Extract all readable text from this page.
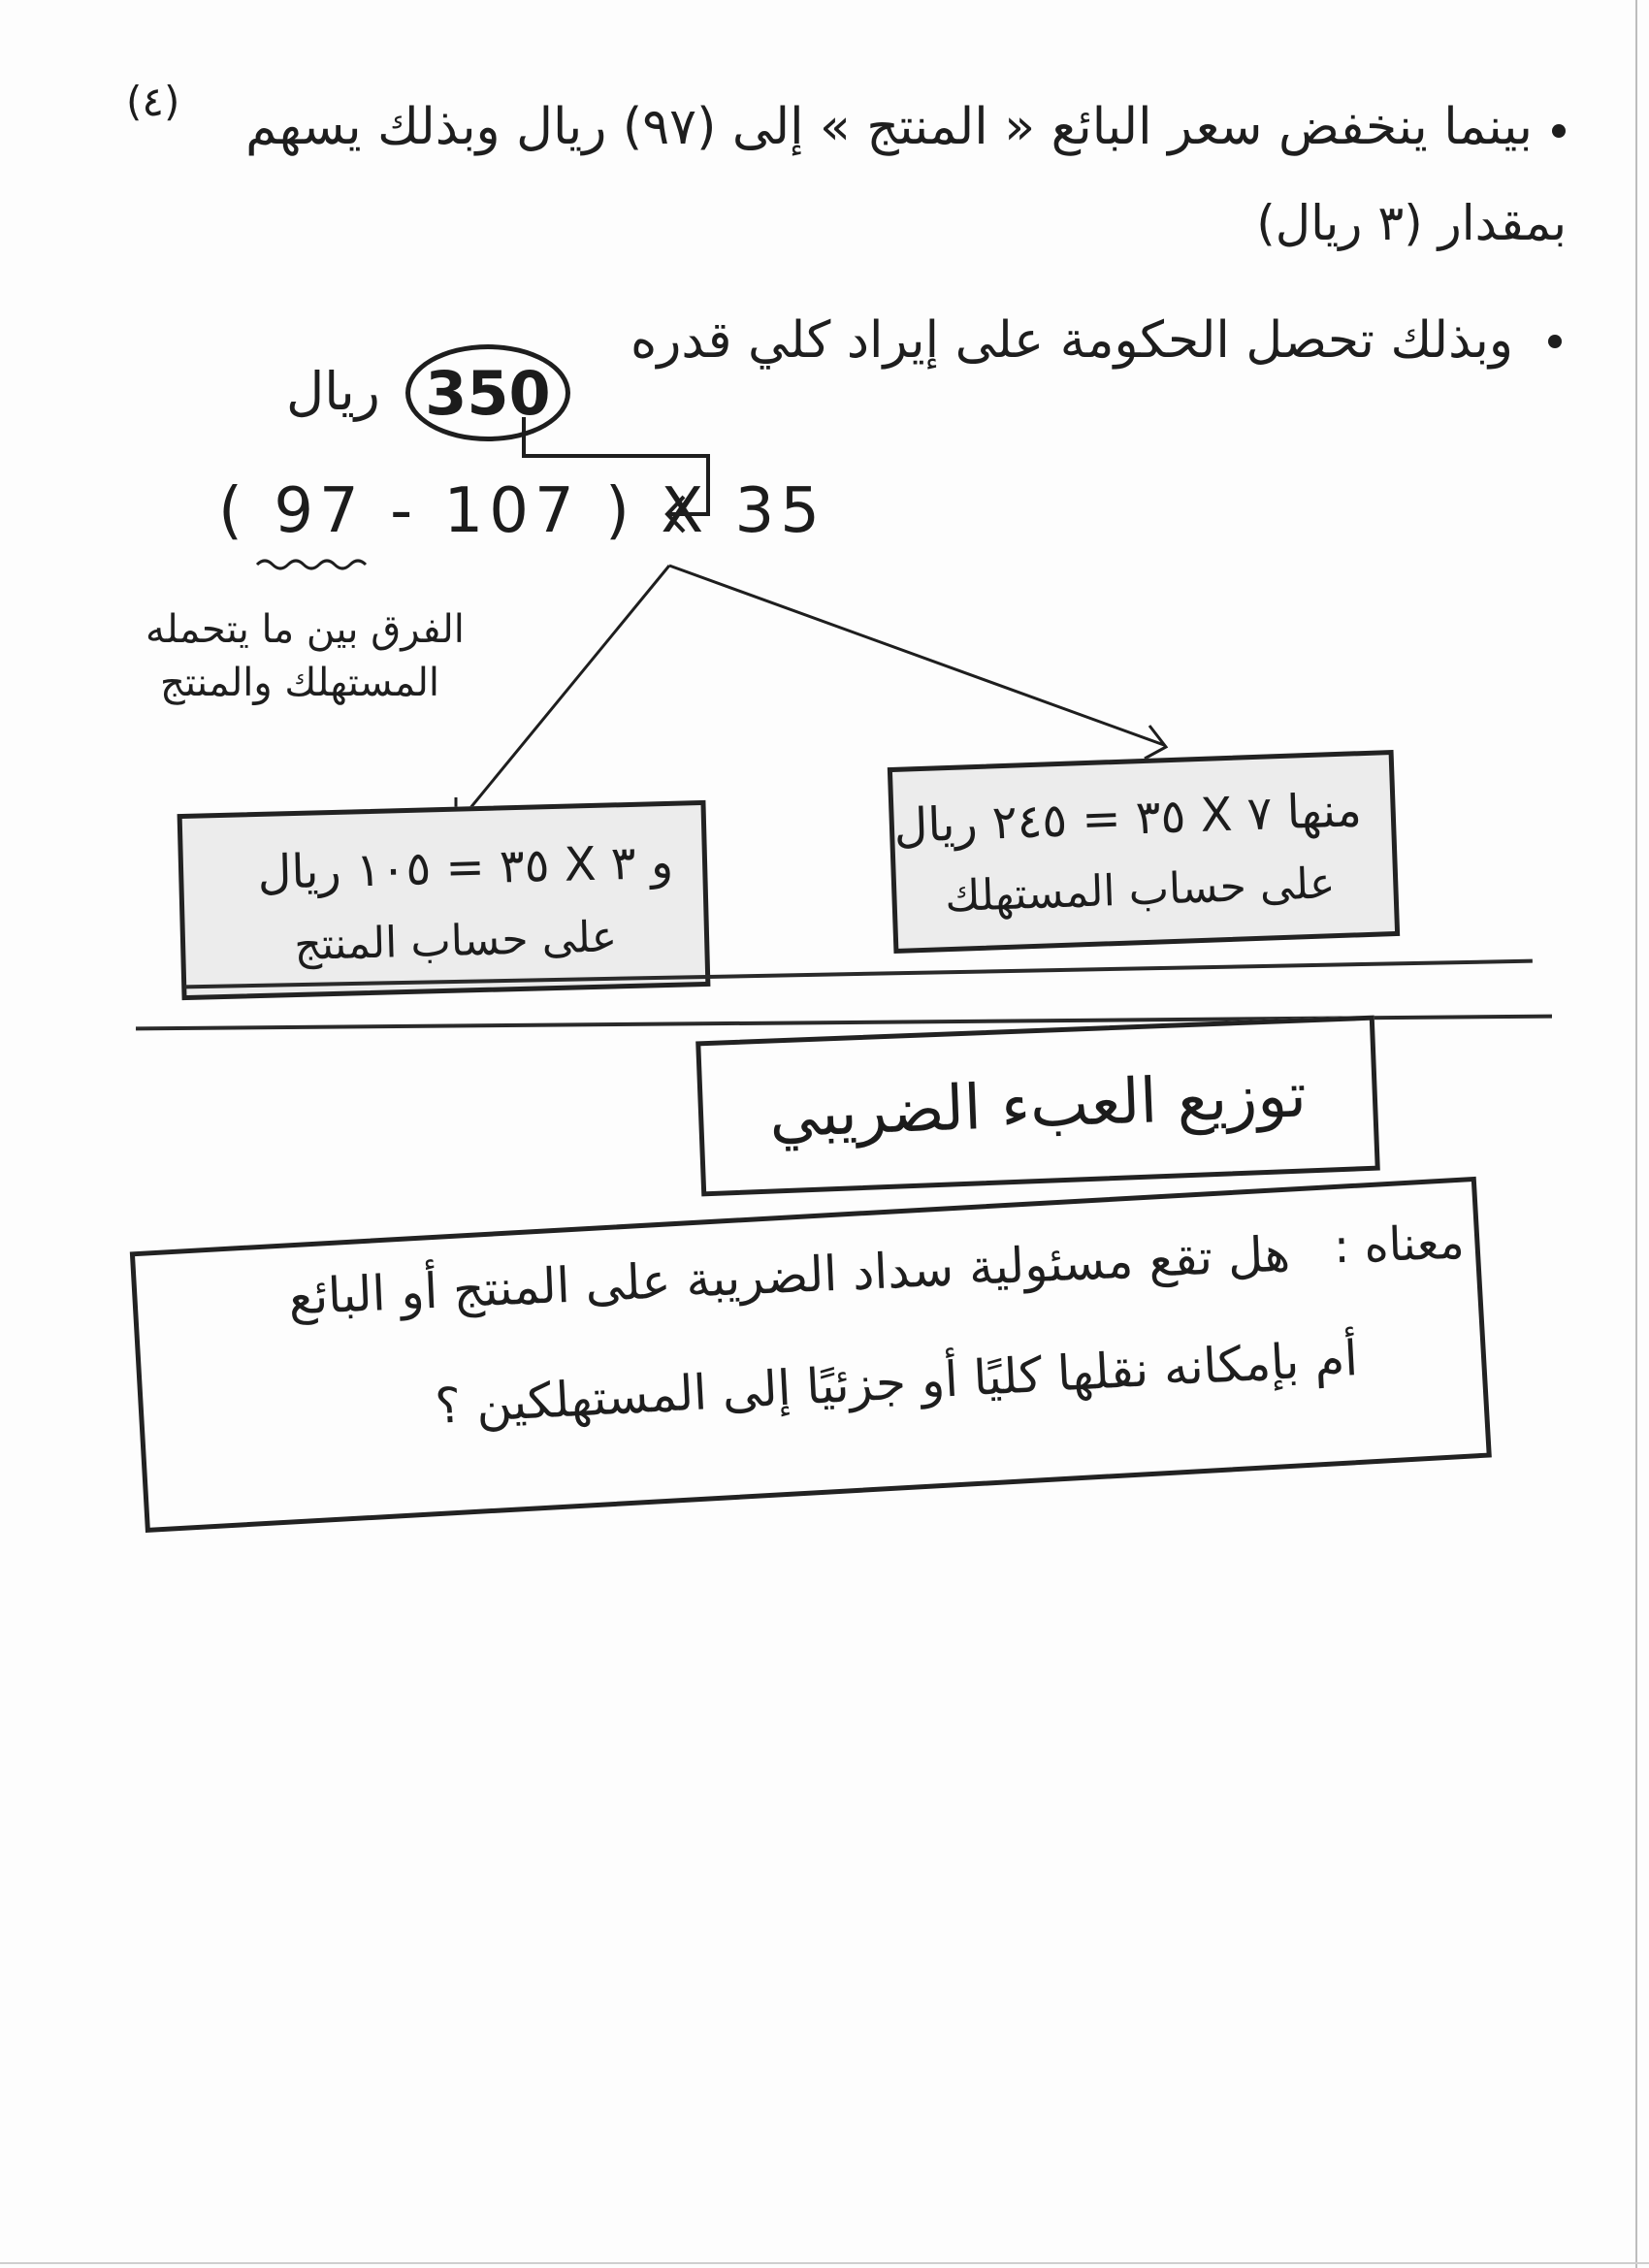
(٤) بينما ينخفض سعر البائع « المنتج » إلى (٩٧) ريال وبذلك يسهم
بمقدار (٣ ريال)
وبذلك تحصل الحكومة على إيراد كلي قدره
350
ريال
( 97 - 107 ) X 35
الفرق بين ما يتحمله
المستهلك والمنتج
منها ٧ X ٣٥ = ٢٤٥ ريال
على حساب المستهلك
و ٣ X ٣٥ = ١٠٥ ريال
على حساب المنتج
توزيع العبء الضريبي
معناه :
هل تقع مسئولية سداد الضريبة على المنتج أو البائع
أم بإمكانه نقلها كليًا أو جزئيًا إلى المستهلكين ؟
